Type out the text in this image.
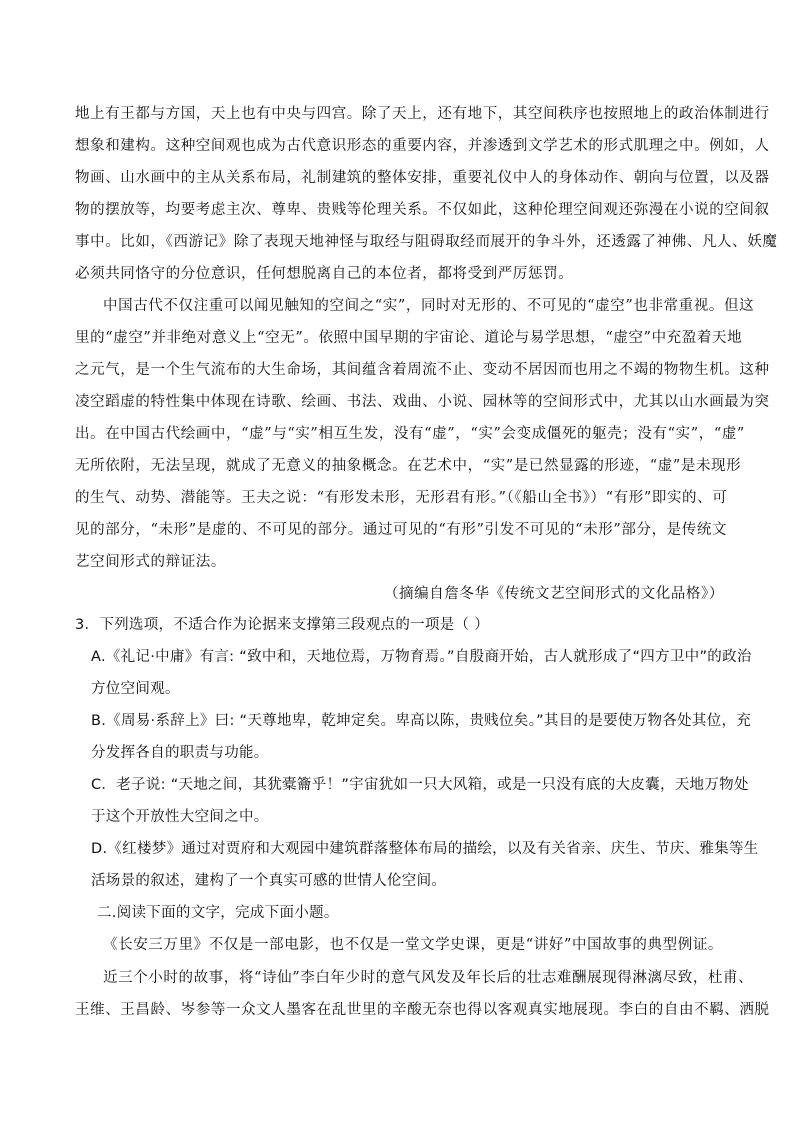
地上有王都与方国，天上也有中央与四宫。除了天上，还有地下，其空间秩序也按照地上的政治体制进行
想象和建构。这种空间观也成为古代意识形态的重要内容，并渗透到文学艺术的形式肌理之中。例如，人
物画、山水画中的主从关系布局，礼制建筑的整体安排，重要礼仪中人的身体动作、朝向与位置，以及器
物的摆放等，均要考虑主次、尊卑、贵贱等伦理关系。不仅如此，这种伦理空间观还弥漫在小说的空间叙
事中。比如，《西游记》除了表现天地神怪与取经与阻碍取经而展开的争斗外，还透露了神佛、凡人、妖魔
必须共同恪守的分位意识，任何想脱离自己的本位者，都将受到严厉惩罚。
中国古代不仅注重可以闻见触知的空间之“实”，同时对无形的、不可见的“虚空”也非常重视。但这
里的“虚空”并非绝对意义上“空无”。依照中国早期的宇宙论、道论与易学思想，“虚空”中充盈着天地
之元气，是一个生气流布的大生命场，其间蕴含着周流不止、变动不居因而也用之不竭的物物生机。这种
凌空蹈虚的特性集中体现在诗歌、绘画、书法、戏曲、小说、园林等的空间形式中，尤其以山水画最为突
出。在中国古代绘画中，“虚”与“实”相互生发，没有“虚”，“实”会变成僵死的躯壳；没有“实”，“虚”
无所依附，无法呈现，就成了无意义的抽象概念。在艺术中，“实”是已然显露的形迹，“虚”是未现形
的生气、动势、潜能等。王夫之说：“有形发未形，无形君有形。”（《船山全书》）“有形”即实的、可
见的部分，“未形”是虚的、不可见的部分。通过可见的“有形”引发不可见的“未形”部分，是传统文
艺空间形式的辩证法。
（摘编自詹冬华《传统文艺空间形式的文化品格》）
3．下列选项，不适合作为论据来支撑第三段观点的一项是（ ）
A.《礼记·中庸》有言: “致中和，天地位焉，万物育焉。”自殷商开始，古人就形成了“四方卫中”的政治
方位空间观。
B.《周易·系辞上》曰: “天尊地卑，乾坤定矣。卑高以陈，贵贱位矣。”其目的是要使万物各处其位，充
分发挥各自的职责与功能。
C．老子说: “天地之间，其犹橐籥乎！”宇宙犹如一只大风箱，或是一只没有底的大皮囊，天地万物处
于这个开放性大空间之中。
D.《红楼梦》通过对贾府和大观园中建筑群落整体布局的描绘，以及有关省亲、庆生、节庆、雅集等生
活场景的叙述，建构了一个真实可感的世情人伦空间。
二.阅读下面的文字，完成下面小题。
《长安三万里》不仅是一部电影，也不仅是一堂文学史课，更是“讲好”中国故事的典型例证。
近三个小时的故事，将“诗仙”李白年少时的意气风发及年长后的壮志难酬展现得淋漓尽致，杜甫、
王维、王昌龄、岑参等一众文人墨客在乱世里的辛酸无奈也得以客观真实地展现。李白的自由不羁、洒脱
